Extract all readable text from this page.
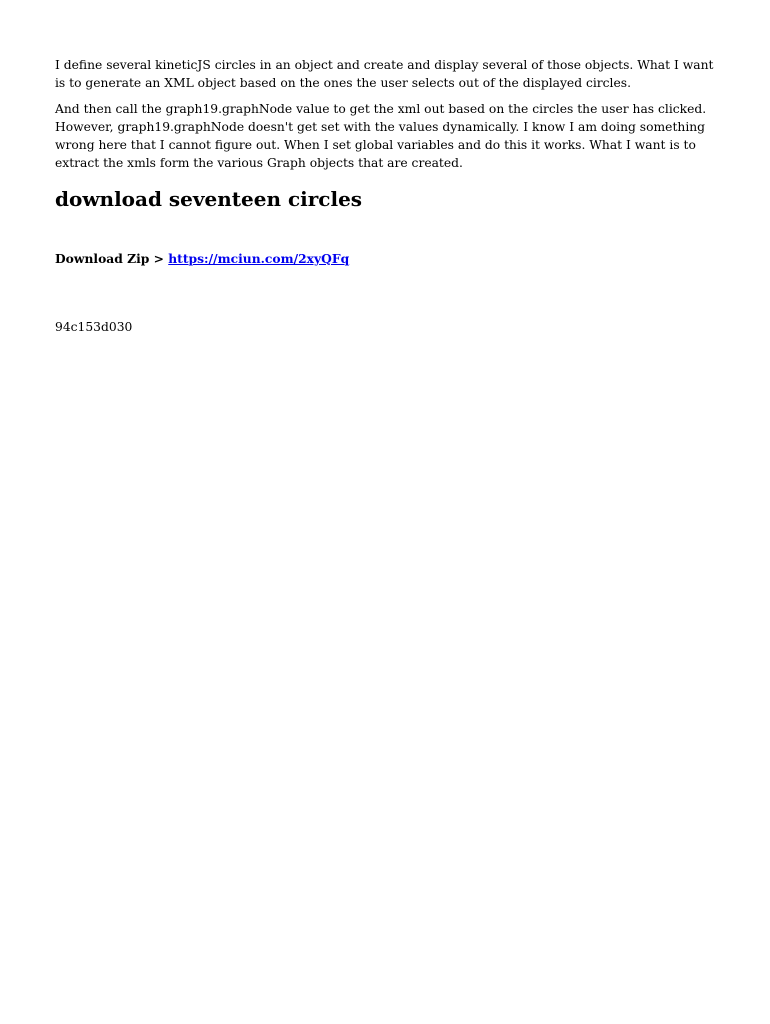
I define several kineticJS circles in an object and create and display several of those objects. What I want is to generate an XML object based on the ones the user selects out of the displayed circles.

And then call the graph19.graphNode value to get the xml out based on the circles the user has clicked. However, graph19.graphNode doesn't get set with the values dynamically. I know I am doing something wrong here that I cannot figure out. When I set global variables and do this it works. What I want is to extract the xmls form the various Graph objects that are created.

download seventeen circles

Download Zip > https://mciun.com/2xyQFq

94c153d030
